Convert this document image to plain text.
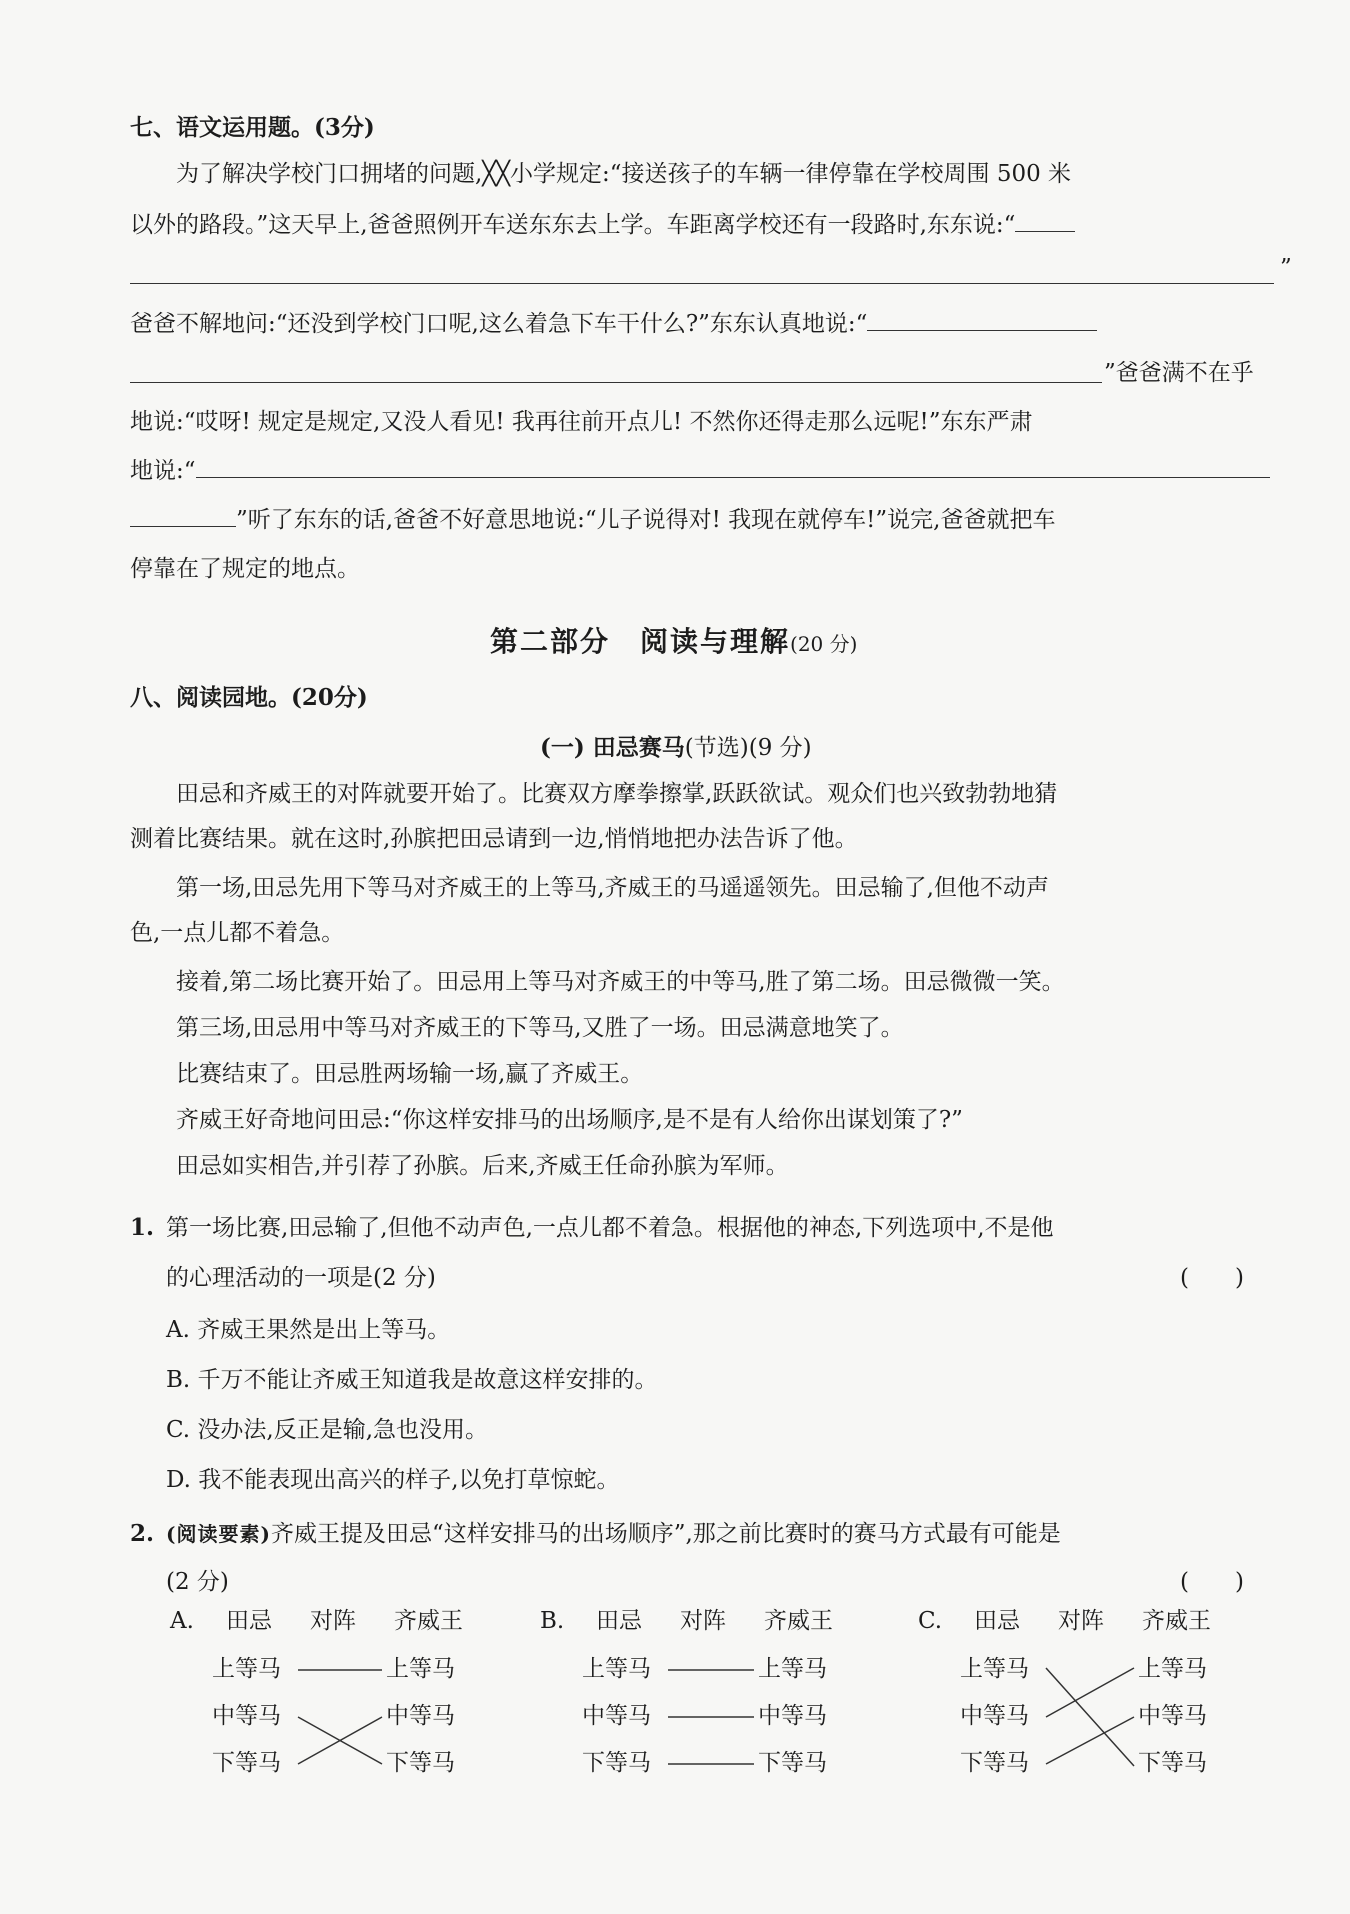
七、语文运用题。(3分)
为了解决学校门口拥堵的问题,╳╳小学规定:“接送孩子的车辆一律停靠在学校周围 500 米
以外的路段。”这天早上,爸爸照例开车送东东去上学。车距离学校还有一段路时,东东说:“
”
爸爸不解地问:“还没到学校门口呢,这么着急下车干什么?”东东认真地说:“
”爸爸满不在乎
地说:“哎呀! 规定是规定,又没人看见! 我再往前开点儿! 不然你还得走那么远呢!”东东严肃
地说:“
”听了东东的话,爸爸不好意思地说:“儿子说得对! 我现在就停车!”说完,爸爸就把车
停靠在了规定的地点。
第二部分　阅读与理解(20 分)
八、阅读园地。(20分)
(一) 田忌赛马(节选)(9 分)
田忌和齐威王的对阵就要开始了。比赛双方摩拳擦掌,跃跃欲试。观众们也兴致勃勃地猜
测着比赛结果。就在这时,孙膑把田忌请到一边,悄悄地把办法告诉了他。
第一场,田忌先用下等马对齐威王的上等马,齐威王的马遥遥领先。田忌输了,但他不动声
色,一点儿都不着急。
接着,第二场比赛开始了。田忌用上等马对齐威王的中等马,胜了第二场。田忌微微一笑。
第三场,田忌用中等马对齐威王的下等马,又胜了一场。田忌满意地笑了。
比赛结束了。田忌胜两场输一场,赢了齐威王。
齐威王好奇地问田忌:“你这样安排马的出场顺序,是不是有人给你出谋划策了?”
田忌如实相告,并引荐了孙膑。后来,齐威王任命孙膑为军师。
1. 第一场比赛,田忌输了,但他不动声色,一点儿都不着急。根据他的神态,下列选项中,不是他
的心理活动的一项是(2 分)	(　　)
A. 齐威王果然是出上等马。
B. 千万不能让齐威王知道我是故意这样安排的。
C. 没办法,反正是输,急也没用。
D. 我不能表现出高兴的样子,以免打草惊蛇。
2. (阅读要素)齐威王提及田忌“这样安排马的出场顺序”,那之前比赛时的赛马方式最有可能是
(2 分)	(　　)
A. 田忌 对阵 齐威王
上等马
中等马
下等马
上等马
中等马
下等马
B. 田忌 对阵 齐威王
上等马
中等马
下等马
上等马
中等马
下等马
C. 田忌 对阵 齐威王
上等马
中等马
下等马
上等马
中等马
下等马
